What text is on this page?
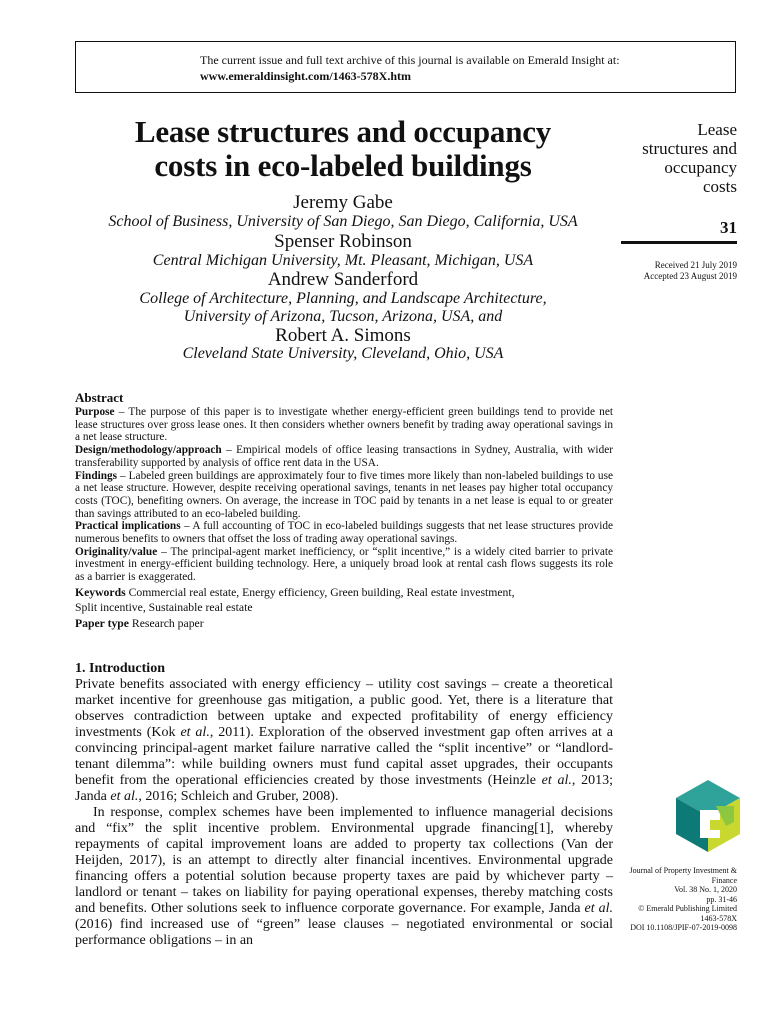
The current issue and full text archive of this journal is available on Emerald Insight at:
www.emeraldinsight.com/1463-578X.htm
Lease structures and occupancy
costs in eco-labeled buildings
Jeremy Gabe
School of Business, University of San Diego, San Diego, California, USA
Spenser Robinson
Central Michigan University, Mt. Pleasant, Michigan, USA
Andrew Sanderford
College of Architecture, Planning, and Landscape Architecture,
University of Arizona, Tucson, Arizona, USA, and
Robert A. Simons
Cleveland State University, Cleveland, Ohio, USA
Lease
structures and
occupancy
costs
31
Received 21 July 2019
Accepted 23 August 2019
Abstract

Purpose – The purpose of this paper is to investigate whether energy-efficient green buildings tend to provide net lease structures over gross lease ones. It then considers whether owners benefit by trading away operational savings in a net lease structure.

Design/methodology/approach – Empirical models of office leasing transactions in Sydney, Australia, with wider transferability supported by analysis of office rent data in the USA.

Findings – Labeled green buildings are approximately four to five times more likely than non-labeled buildings to use a net lease structure. However, despite receiving operational savings, tenants in net leases pay higher total occupancy costs (TOC), benefiting owners. On average, the increase in TOC paid by tenants in a net lease is equal to or greater than savings attributed to an eco-labeled building.

Practical implications – A full accounting of TOC in eco-labeled buildings suggests that net lease structures provide numerous benefits to owners that offset the loss of trading away operational savings.

Originality/value – The principal-agent market inefficiency, or “split incentive,” is a widely cited barrier to private investment in energy-efficient building technology. Here, a uniquely broad look at rental cash flows suggests its role as a barrier is exaggerated.

Keywords Commercial real estate, Energy efficiency, Green building, Real estate investment,
Split incentive, Sustainable real estate

Paper type Research paper

1. Introduction

Private benefits associated with energy efficiency – utility cost savings – create a theoretical market incentive for greenhouse gas mitigation, a public good. Yet, there is a literature that observes contradiction between uptake and expected profitability of energy efficiency investments (Kok et al., 2011). Exploration of the observed investment gap often arrives at a convincing principal-agent market failure narrative called the “split incentive” or “landlord-tenant dilemma”: while building owners must fund capital asset upgrades, their occupants benefit from the operational efficiencies created by those investments (Heinzle et al., 2013; Janda et al., 2016; Schleich and Gruber, 2008).

In response, complex schemes have been implemented to influence managerial decisions and “fix” the split incentive problem. Environmental upgrade financing[1], whereby repayments of capital improvement loans are added to property tax collections (Van der Heijden, 2017), is an attempt to directly alter financial incentives. Environmental upgrade financing offers a potential solution because property taxes are paid by whichever party – landlord or tenant – takes on liability for paying operational expenses, thereby matching costs and benefits. Other solutions seek to influence corporate governance. For example, Janda et al. (2016) find increased use of “green” lease clauses – negotiated environmental or social performance obligations – in an

Journal of Property Investment &
Finance
Vol. 38 No. 1, 2020
pp. 31-46
© Emerald Publishing Limited
1463-578X
DOI 10.1108/JPIF-07-2019-0098
